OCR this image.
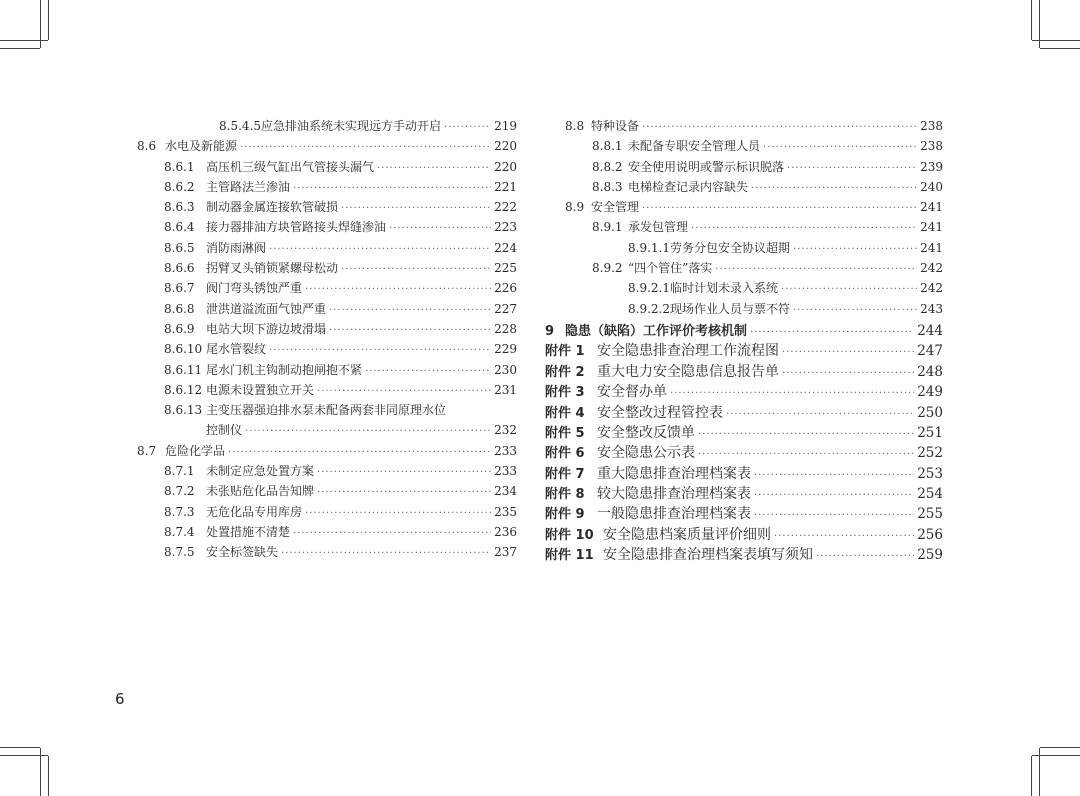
8.5.4.5 应急排油系统未实现远方手动开启 ·····	219
8.6 水电及新能源 ·····	220
8.6.1 高压机三级气缸出气管接头漏气 ·····	220
8.6.2 主管路法兰渗油 ·····	221
8.6.3 制动器金属连接软管破损 ·····	222
8.6.4 接力器排油方块管路接头焊缝渗油 ·····	223
8.6.5 消防雨淋阀 ·····	224
8.6.6 拐臂叉头销锁紧螺母松动 ·····	225
8.6.7 阀门弯头锈蚀严重 ·····	226
8.6.8 泄洪道溢流面气蚀严重 ·····	227
8.6.9 电站大坝下游边坡滑塌 ·····	228
8.6.10 尾水管裂纹 ·····	229
8.6.11 尾水门机主钩制动抱闸抱不紧 ·····	230
8.6.12 电源未设置独立开关 ·····	231
8.6.13 主变压器强迫排水泵未配备两套非同原理水位
控制仪 ·····	232
8.7 危险化学品 ·····	233
8.7.1 未制定应急处置方案 ·····	233
8.7.2 未张贴危化品告知牌 ·····	234
8.7.3 无危化品专用库房 ·····	235
8.7.4 处置措施不清楚 ·····	236
8.7.5 安全标签缺失 ·····	237
8.8 特种设备 ·····	238
8.8.1 未配备专职安全管理人员 ·····	238
8.8.2 安全使用说明或警示标识脱落 ·····	239
8.8.3 电梯检查记录内容缺失 ·····	240
8.9 安全管理 ·····	241
8.9.1 承发包管理 ·····	241
8.9.1.1 劳务分包安全协议超期 ·····	241
8.9.2 “四个管住”落实 ·····	242
8.9.2.1 临时计划未录入系统 ·····	242
8.9.2.2 现场作业人员与票不符 ·····	243
9 隐患（缺陷）工作评价考核机制 ·····	244
附件 1 安全隐患排查治理工作流程图 ·····	247
附件 2 重大电力安全隐患信息报告单 ·····	248
附件 3 安全督办单 ·····	249
附件 4 安全整改过程管控表 ·····	250
附件 5 安全整改反馈单 ·····	251
附件 6 安全隐患公示表 ·····	252
附件 7 重大隐患排查治理档案表 ·····	253
附件 8 较大隐患排查治理档案表 ·····	254
附件 9 一般隐患排查治理档案表 ·····	255
附件 10 安全隐患档案质量评价细则 ·····	256
附件 11 安全隐患排查治理档案表填写须知 ·····	259
6
